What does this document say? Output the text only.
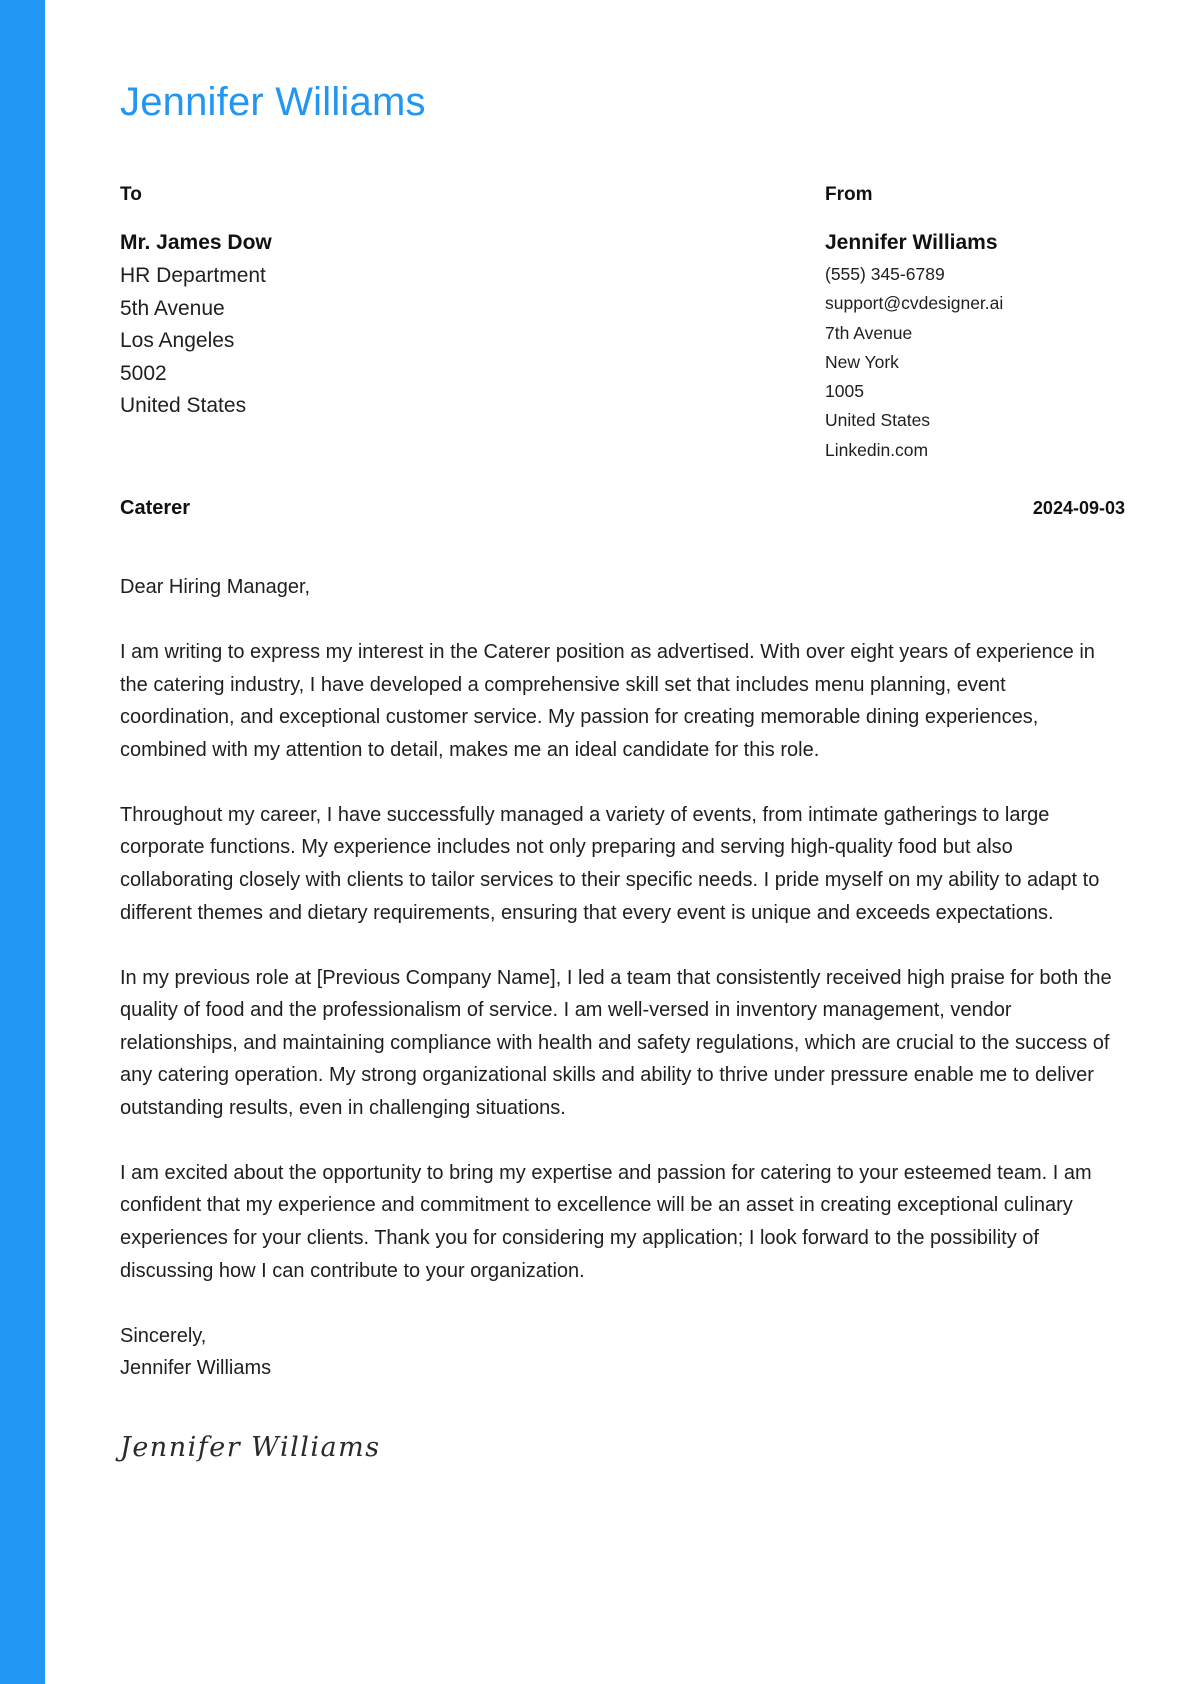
Jennifer Williams
To
Mr. James Dow
HR Department
5th Avenue
Los Angeles
5002
United States
From
Jennifer Williams
(555) 345-6789
support@cvdesigner.ai
7th Avenue
New York
1005
United States
Linkedin.com
Caterer	2024-09-03

Dear Hiring Manager,

I am writing to express my interest in the Caterer position as advertised. With over eight years of experience in the catering industry, I have developed a comprehensive skill set that includes menu planning, event coordination, and exceptional customer service. My passion for creating memorable dining experiences, combined with my attention to detail, makes me an ideal candidate for this role.

Throughout my career, I have successfully managed a variety of events, from intimate gatherings to large corporate functions. My experience includes not only preparing and serving high-quality food but also collaborating closely with clients to tailor services to their specific needs. I pride myself on my ability to adapt to different themes and dietary requirements, ensuring that every event is unique and exceeds expectations.

In my previous role at [Previous Company Name], I led a team that consistently received high praise for both the quality of food and the professionalism of service. I am well-versed in inventory management, vendor relationships, and maintaining compliance with health and safety regulations, which are crucial to the success of any catering operation. My strong organizational skills and ability to thrive under pressure enable me to deliver outstanding results, even in challenging situations.

I am excited about the opportunity to bring my expertise and passion for catering to your esteemed team. I am confident that my experience and commitment to excellence will be an asset in creating exceptional culinary experiences for your clients. Thank you for considering my application; I look forward to the possibility of discussing how I can contribute to your organization.

Sincerely,
Jennifer Williams
Jennifer Williams
